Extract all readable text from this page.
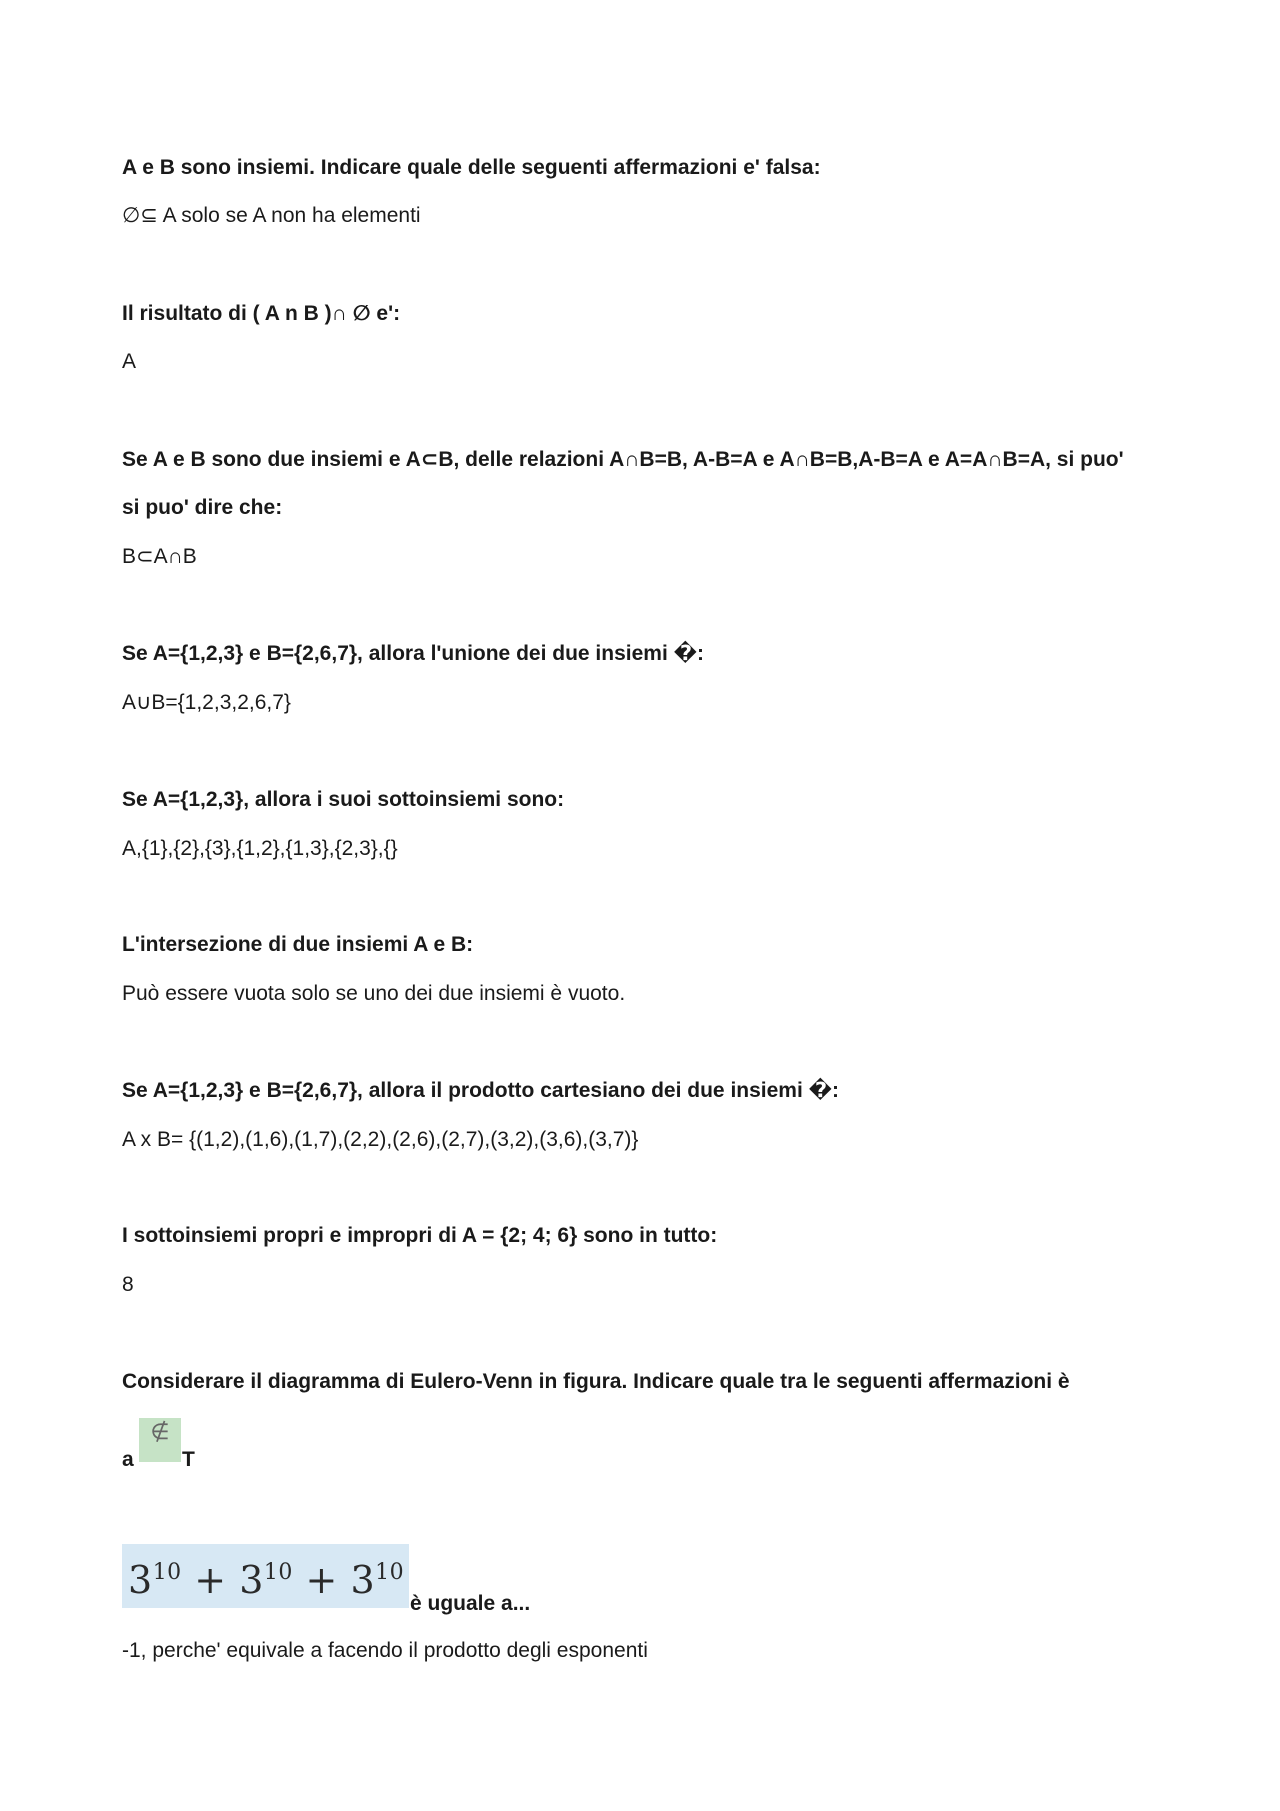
A e B sono insiemi. Indicare quale delle seguenti affermazioni e' falsa:
∅⊆ A solo se A non ha elementi
Il risultato di ( A n B )∩ ∅ e':
A
Se A e B sono due insiemi e A⊂B, delle relazioni A∩B=B, A-B=A e A∩B=B,A-B=A e A=A∩B=A, si puo'
si puo' dire che:
B⊂A∩B
Se A={1,2,3} e B={2,6,7}, allora l'unione dei due insiemi �:
A∪B={1,2,3,2,6,7}
Se A={1,2,3}, allora i suoi sottoinsiemi sono:
A,{1},{2},{3},{1,2},{1,3},{2,3},{}
L'intersezione di due insiemi A e B:
Può essere vuota solo se uno dei due insiemi è vuoto.
Se A={1,2,3} e B={2,6,7}, allora il prodotto cartesiano dei due insiemi �:
A x B= {(1,2),(1,6),(1,7),(2,2),(2,6),(2,7),(3,2),(3,6),(3,7)}
I sottoinsiemi propri e impropri di A = {2; 4; 6} sono in tutto:
8
Considerare il diagramma di Eulero-Venn in figura. Indicare quale tra le seguenti affermazioni è
a
∉
T
$3^{10} + 3^{10} + 3^{10}$
è uguale a...
-1, perche' equivale a facendo il prodotto degli esponenti
